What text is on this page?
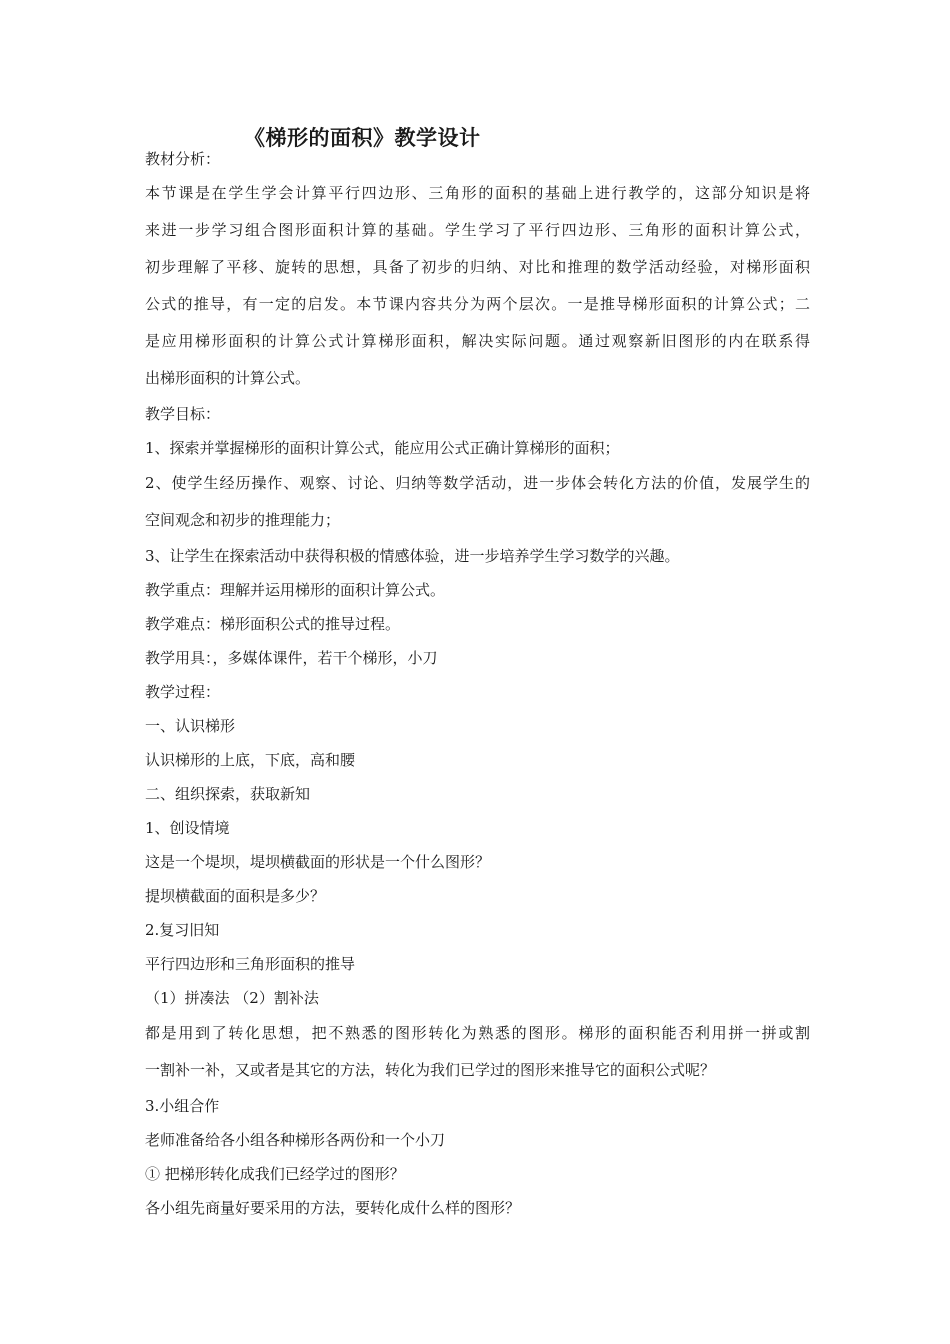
《梯形的面积》教学设计
教材分析：
本节课是在学生学会计算平行四边形、三角形的面积的基础上进行教学的，这部分知识是将
来进一步学习组合图形面积计算的基础。学生学习了平行四边形、三角形的面积计算公式，
初步理解了平移、旋转的思想，具备了初步的归纳、对比和推理的数学活动经验，对梯形面积
公式的推导，有一定的启发。本节课内容共分为两个层次。一是推导梯形面积的计算公式；二
是应用梯形面积的计算公式计算梯形面积，解决实际问题。通过观察新旧图形的内在联系得
出梯形面积的计算公式。
教学目标：
1、探索并掌握梯形的面积计算公式，能应用公式正确计算梯形的面积；
2、使学生经历操作、观察、讨论、归纳等数学活动，进一步体会转化方法的价值，发展学生的
空间观念和初步的推理能力；
3、让学生在探索活动中获得积极的情感体验，进一步培养学生学习数学的兴趣。
教学重点：理解并运用梯形的面积计算公式。
教学难点：梯形面积公式的推导过程。
教学用具：，多媒体课件，若干个梯形，小刀
教学过程：
一、认识梯形
认识梯形的上底，下底，高和腰
二、组织探索，获取新知
1、创设情境
这是一个堤坝，堤坝横截面的形状是一个什么图形？
提坝横截面的面积是多少？
2.复习旧知
平行四边形和三角形面积的推导
（1）拼凑法 （2）割补法
都是用到了转化思想，把不熟悉的图形转化为熟悉的图形。梯形的面积能否利用拼一拼或割
一割补一补，又或者是其它的方法，转化为我们已学过的图形来推导它的面积公式呢？
3.小组合作
老师准备给各小组各种梯形各两份和一个小刀
① 把梯形转化成我们已经学过的图形？
各小组先商量好要采用的方法，要转化成什么样的图形？
